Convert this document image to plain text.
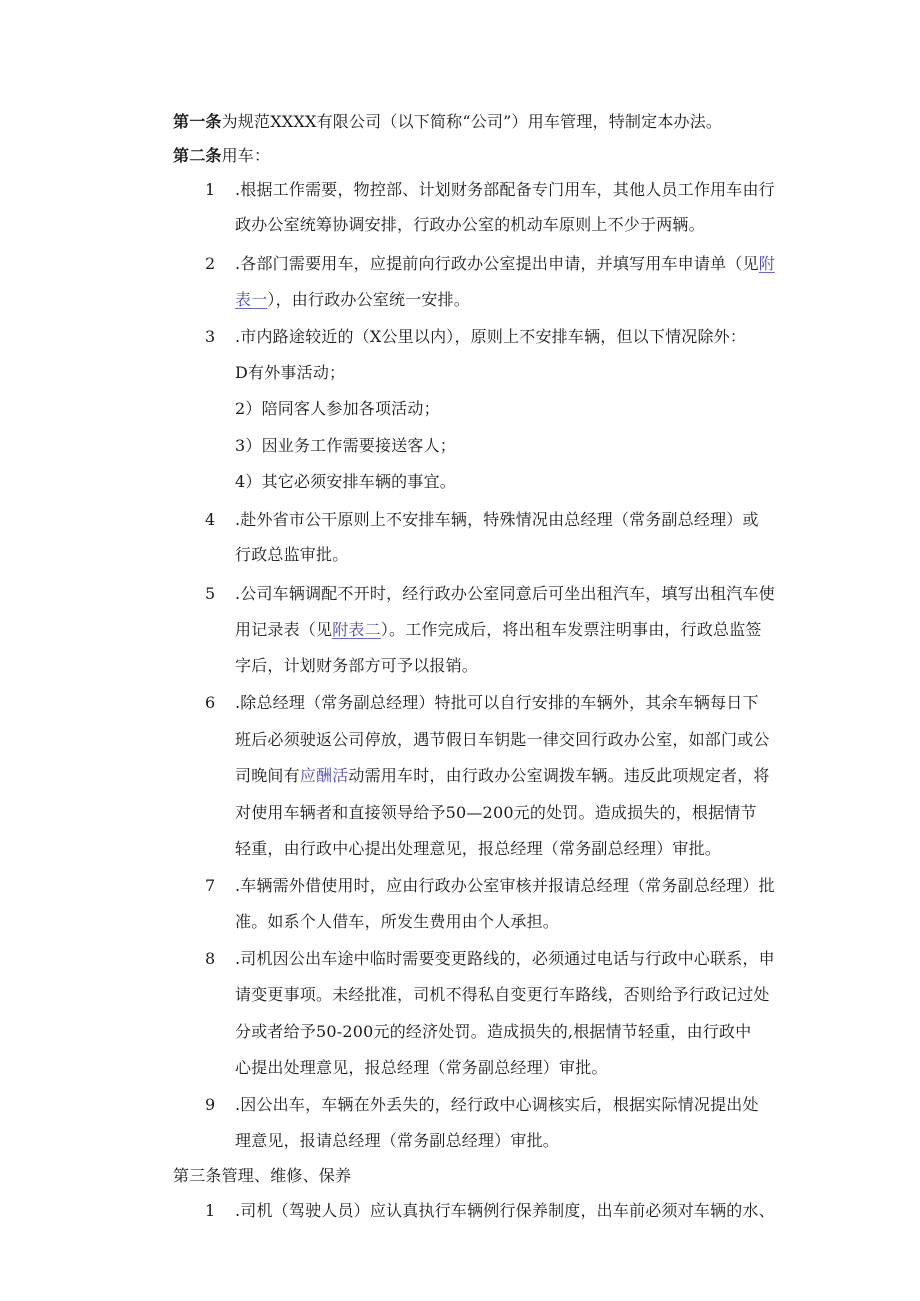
第一条为规范XXXX有限公司（以下简称“公司”）用车管理，特制定本办法。
第二条用车：
1 .根据工作需要，物控部、计划财务部配备专门用车，其他人员工作用车由行
政办公室统筹协调安排，行政办公室的机动车原则上不少于两辆。
2 .各部门需要用车，应提前向行政办公室提出申请，并填写用车申请单（见附
表一），由行政办公室统一安排。
3 .市内路途较近的（X公里以内），原则上不安排车辆，但以下情况除外：
D有外事活动；
2）陪同客人参加各项活动；
3）因业务工作需要接送客人；
4）其它必须安排车辆的事宜。
4 .赴外省市公干原则上不安排车辆，特殊情况由总经理（常务副总经理）或
行政总监审批。
5 .公司车辆调配不开时，经行政办公室同意后可坐出租汽车，填写出租汽车使
用记录表（见附表二）。工作完成后，将出租车发票注明事由，行政总监签
字后，计划财务部方可予以报销。
6 .除总经理（常务副总经理）特批可以自行安排的车辆外，其余车辆每日下
班后必须驶返公司停放，遇节假日车钥匙一律交回行政办公室，如部门或公
司晚间有应酬活动需用车时，由行政办公室调拨车辆。违反此项规定者，将
对使用车辆者和直接领导给予50—200元的处罚。造成损失的，根据情节
轻重，由行政中心提出处理意见，报总经理（常务副总经理）审批。
7 .车辆需外借使用时，应由行政办公室审核并报请总经理（常务副总经理）批
准。如系个人借车，所发生费用由个人承担。
8 .司机因公出车途中临时需要变更路线的，必须通过电话与行政中心联系，申
请变更事项。未经批准，司机不得私自变更行车路线，否则给予行政记过处
分或者给予50-200元的经济处罚。造成损失的,根据情节轻重，由行政中
心提出处理意见，报总经理（常务副总经理）审批。
9 .因公出车，车辆在外丢失的，经行政中心调核实后，根据实际情况提出处
理意见，报请总经理（常务副总经理）审批。
第三条管理、维修、保养
1 .司机（驾驶人员）应认真执行车辆例行保养制度，出车前必须对车辆的水、
